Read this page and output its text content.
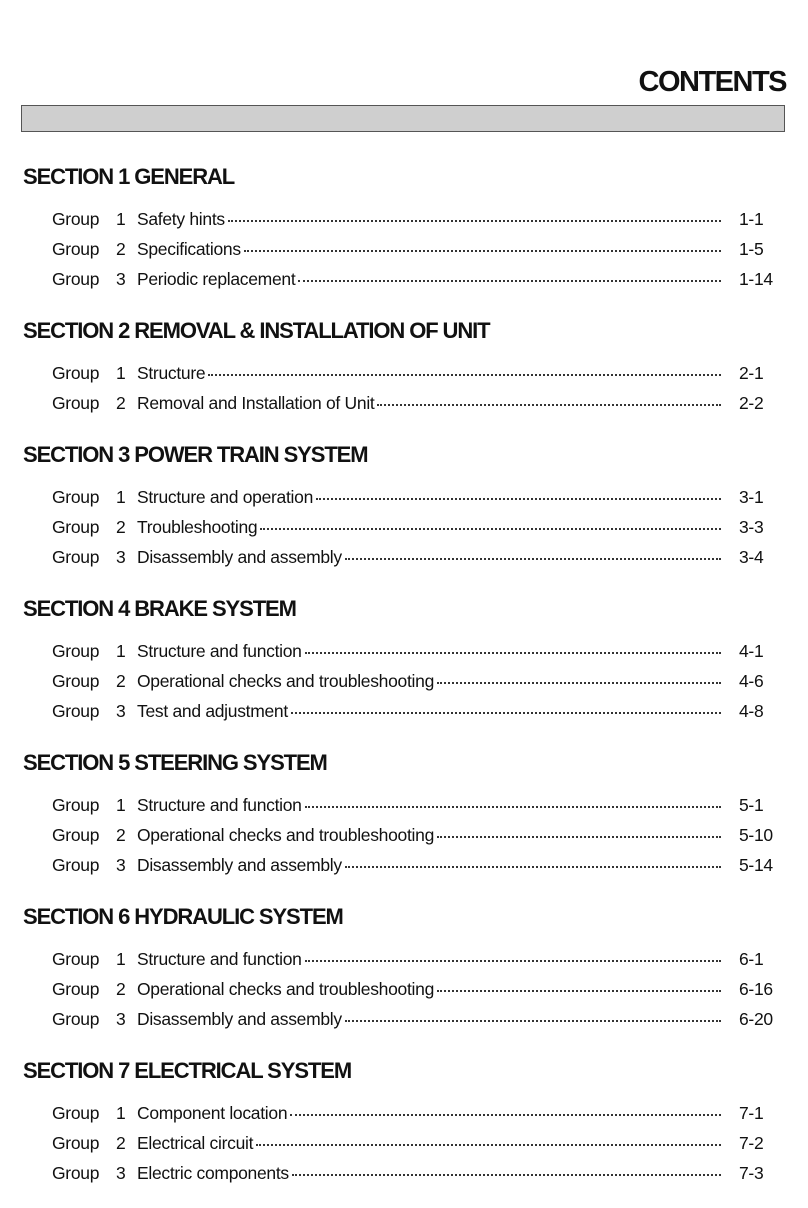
CONTENTS
SECTION 1 GENERAL
Group 1 Safety hints	1-1
Group 2 Specifications	1-5
Group 3 Periodic replacement	1-14
SECTION 2 REMOVAL & INSTALLATION OF UNIT
Group 1 Structure	2-1
Group 2 Removal and Installation of Unit	2-2
SECTION 3 POWER TRAIN SYSTEM
Group 1 Structure and operation	3-1
Group 2 Troubleshooting	3-3
Group 3 Disassembly and assembly	3-4
SECTION 4 BRAKE SYSTEM
Group 1 Structure and function	4-1
Group 2 Operational checks and troubleshooting	4-6
Group 3 Test and adjustment	4-8
SECTION 5 STEERING SYSTEM
Group 1 Structure and function	5-1
Group 2 Operational checks and troubleshooting	5-10
Group 3 Disassembly and assembly	5-14
SECTION 6 HYDRAULIC SYSTEM
Group 1 Structure and function	6-1
Group 2 Operational checks and troubleshooting	6-16
Group 3 Disassembly and assembly	6-20
SECTION 7 ELECTRICAL SYSTEM
Group 1 Component location	7-1
Group 2 Electrical circuit	7-2
Group 3 Electric components	7-3
